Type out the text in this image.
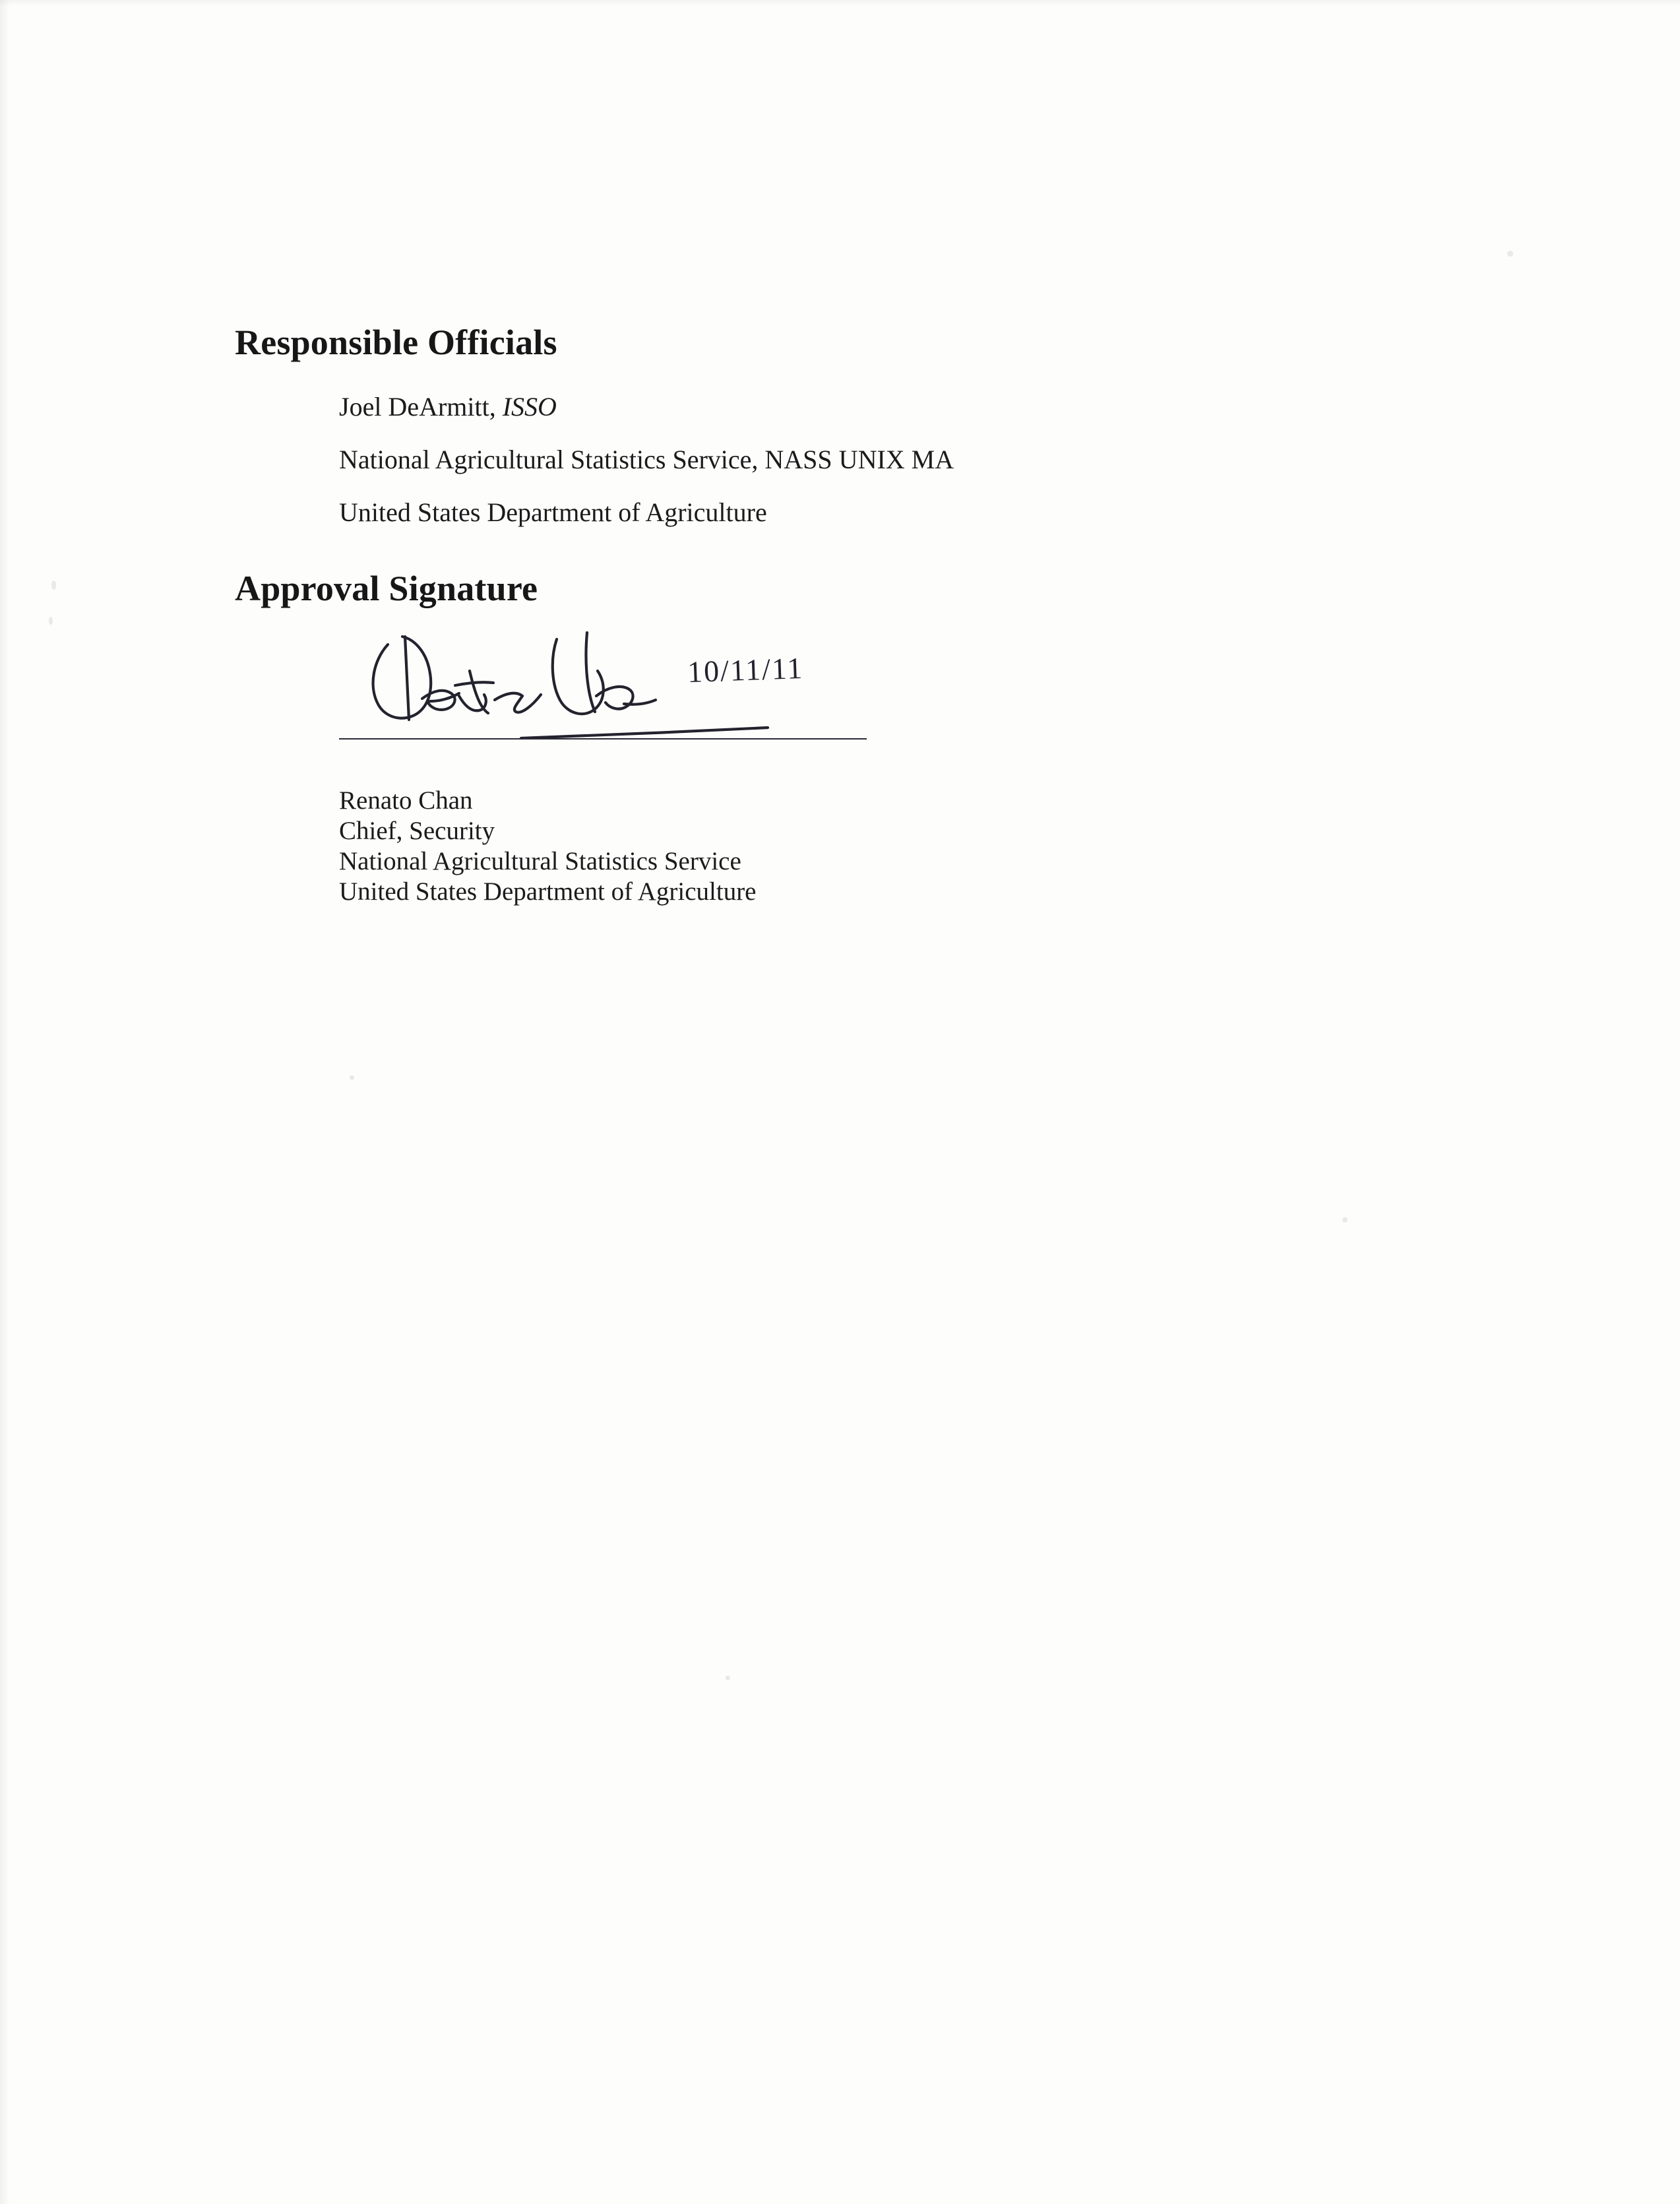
Responsible Officials
Joel DeArmitt, ISSO
National Agricultural Statistics Service, NASS UNIX MA
United States Department of Agriculture
Approval Signature
10/11/11
Renato Chan
Chief, Security
National Agricultural Statistics Service
United States Department of Agriculture
